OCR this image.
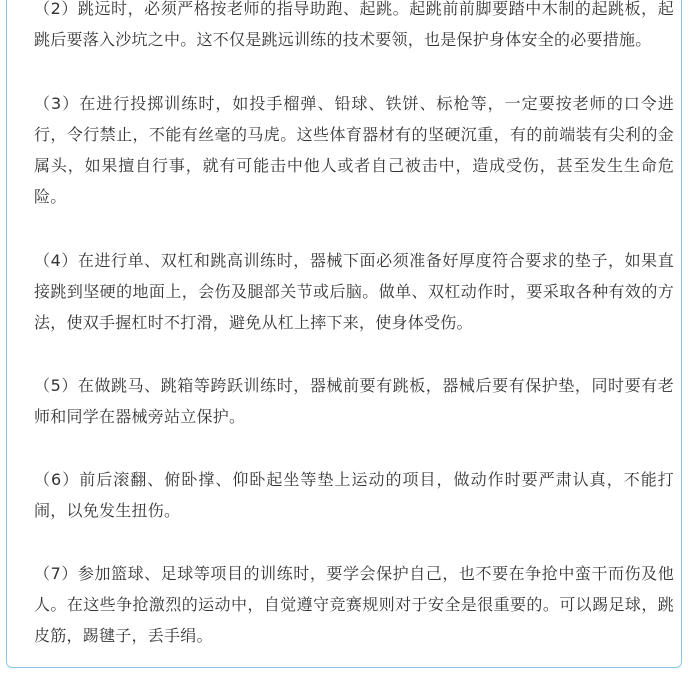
（2）跳远时，必须严格按老师的指导助跑、起跳。起跳前前脚要踏中木制的起跳板，起跳后要落入沙坑之中。这不仅是跳远训练的技术要领，也是保护身体安全的必要措施。

（3）在进行投掷训练时，如投手榴弹、铅球、铁饼、标枪等，一定要按老师的口令进行，令行禁止，不能有丝毫的马虎。这些体育器材有的坚硬沉重，有的前端装有尖利的金属头，如果擅自行事，就有可能击中他人或者自己被击中，造成受伤，甚至发生生命危险。

（4）在进行单、双杠和跳高训练时，器械下面必须准备好厚度符合要求的垫子，如果直接跳到坚硬的地面上，会伤及腿部关节或后脑。做单、双杠动作时，要采取各种有效的方法，使双手握杠时不打滑，避免从杠上摔下来，使身体受伤。

（5）在做跳马、跳箱等跨跃训练时，器械前要有跳板，器械后要有保护垫，同时要有老师和同学在器械旁站立保护。

（6）前后滚翻、俯卧撑、仰卧起坐等垫上运动的项目，做动作时要严肃认真，不能打闹，以免发生扭伤。

（7）参加篮球、足球等项目的训练时，要学会保护自己，也不要在争抢中蛮干而伤及他人。在这些争抢激烈的运动中，自觉遵守竞赛规则对于安全是很重要的。可以踢足球，跳皮筋，踢毽子，丢手绢。
